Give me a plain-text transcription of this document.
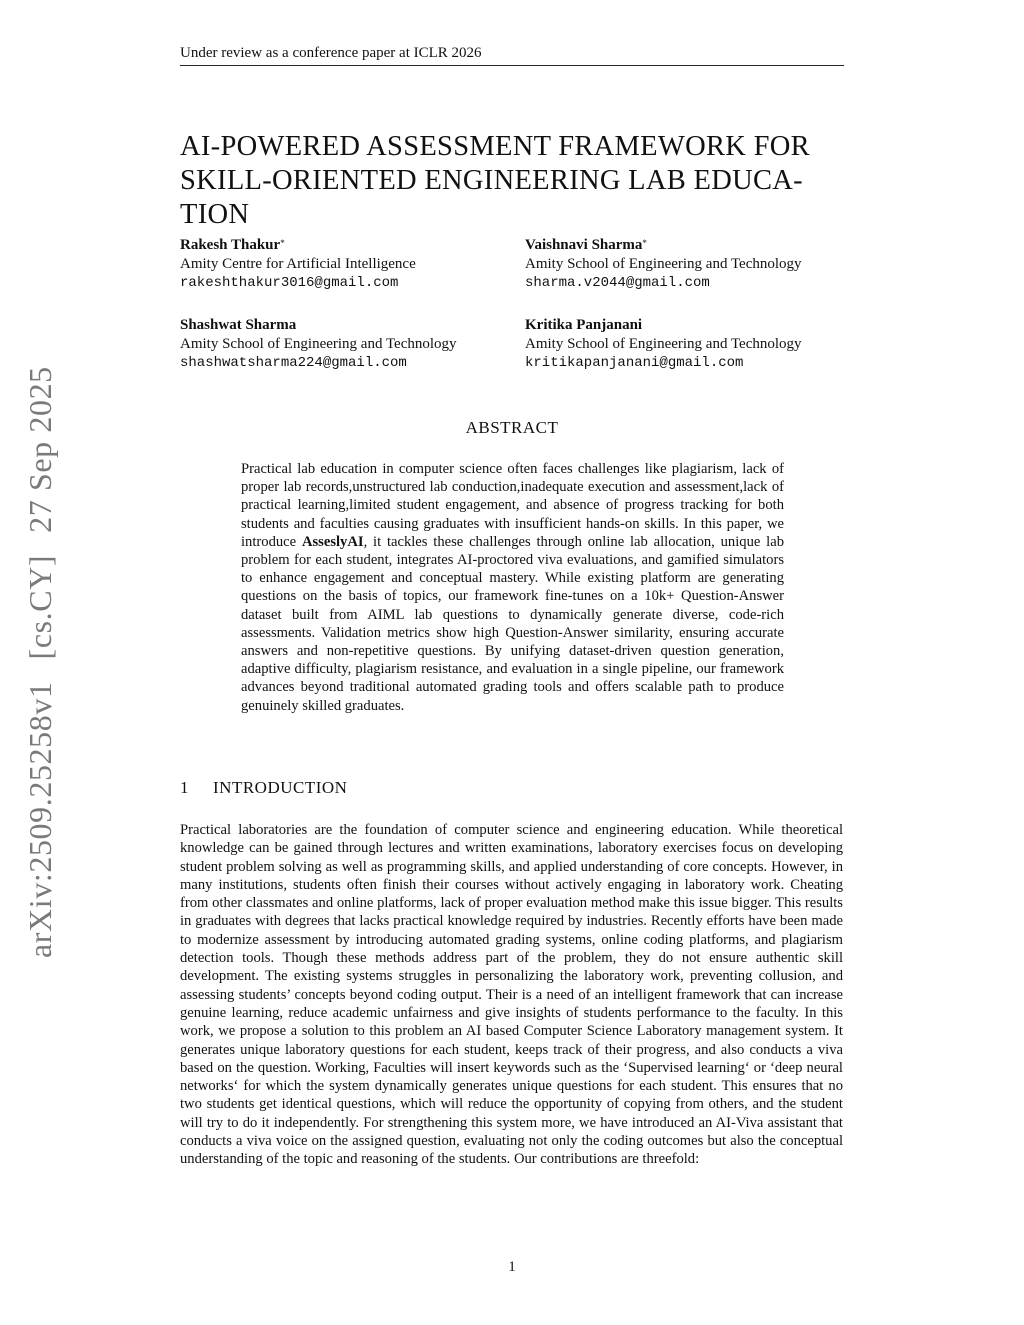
Under review as a conference paper at ICLR 2026
arXiv:2509.25258v1[cs.CY]27 Sep 2025
AI-POWERED ASSESSMENT FRAMEWORK FOR
SKILL-ORIENTED ENGINEERING LAB EDUCA-
TION
Rakesh Thakur*
Amity Centre for Artificial Intelligence
rakeshthakur3016@gmail.com
Vaishnavi Sharma*
Amity School of Engineering and Technology
sharma.v2044@gmail.com
Shashwat Sharma
Amity School of Engineering and Technology
shashwatsharma224@gmail.com
Kritika Panjanani
Amity School of Engineering and Technology
kritikapanjanani@gmail.com
ABSTRACT
Practical lab education in computer science often faces challenges like plagiarism, lack of proper lab records,unstructured lab conduction,inadequate execution and assessment,lack of practical learning,limited student engagement, and absence of progress tracking for both students and faculties causing graduates with insufficient hands-on skills. In this paper, we introduce AsseslyAI, it tackles these challenges through online lab allocation, unique lab problem for each student, integrates AI-proctored viva evaluations, and gamified simulators to enhance engagement and conceptual mastery. While existing platform are generating questions on the basis of topics, our framework fine-tunes on a 10k+ Question-Answer dataset built from AIML lab questions to dynamically generate diverse, code-rich assessments. Validation metrics show high Question-Answer similarity, ensuring accurate answers and non-repetitive questions. By unifying dataset-driven question generation, adaptive difficulty, plagiarism resistance, and evaluation in a single pipeline, our framework advances beyond traditional automated grading tools and offers scalable path to produce genuinely skilled graduates.
1 INTRODUCTION
Practical laboratories are the foundation of computer science and engineering education. While theoretical knowledge can be gained through lectures and written examinations, laboratory exercises focus on developing student problem solving as well as programming skills, and applied understanding of core concepts. However, in many institutions, students often finish their courses without actively engaging in laboratory work. Cheating from other classmates and online platforms, lack of proper evaluation method make this issue bigger. This results in graduates with degrees that lacks practical knowledge required by industries. Recently efforts have been made to modernize assessment by introducing automated grading systems, online coding platforms, and plagiarism detection tools. Though these methods address part of the problem, they do not ensure authentic skill development. The existing systems struggles in personalizing the laboratory work, preventing collusion, and assessing students’ concepts beyond coding output. Their is a need of an intelligent framework that can increase genuine learning, reduce academic unfairness and give insights of students performance to the faculty. In this work, we propose a solution to this problem an AI based Computer Science Laboratory management system. It generates unique laboratory questions for each student, keeps track of their progress, and also conducts a viva based on the question. Working, Faculties will insert keywords such as the ‘Supervised learning‘ or ‘deep neural networks‘ for which the system dynamically generates unique questions for each student. This ensures that no two students get identical questions, which will reduce the opportunity of copying from others, and the student will try to do it independently. For strengthening this system more, we have introduced an AI-Viva assistant that conducts a viva voice on the assigned question, evaluating not only the coding outcomes but also the conceptual understanding of the topic and reasoning of the students. Our contributions are threefold:
1
